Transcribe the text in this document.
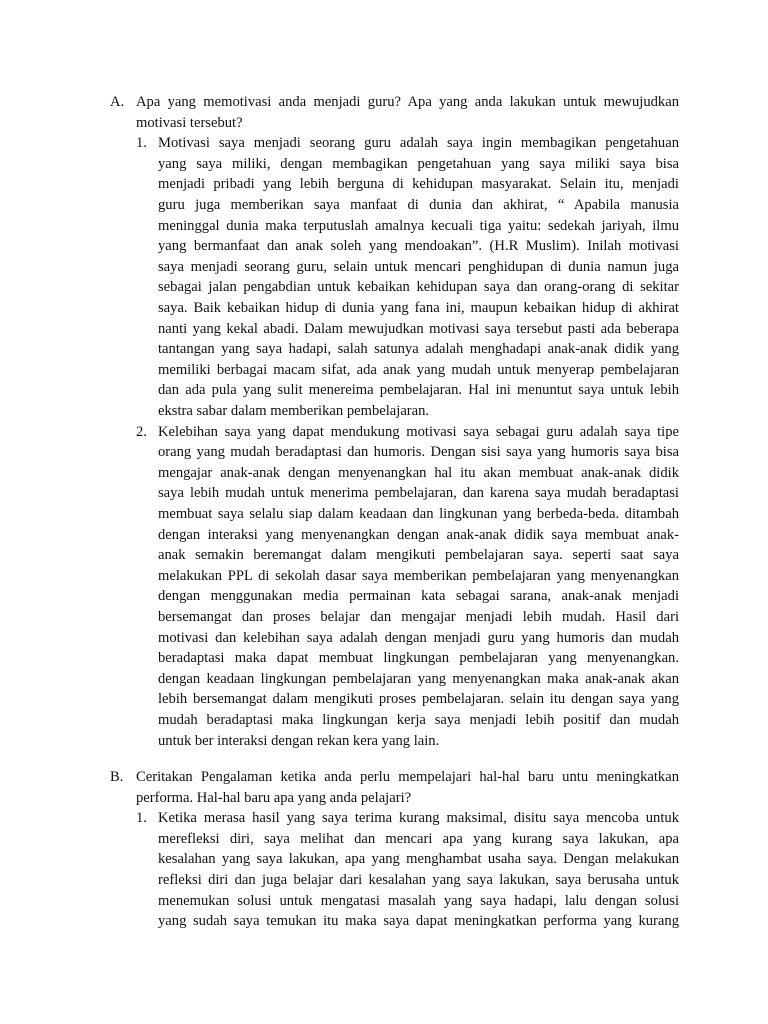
A. Apa yang memotivasi anda menjadi guru? Apa yang anda lakukan untuk mewujudkan
motivasi tersebut?
1. Motivasi saya menjadi seorang guru adalah saya ingin membagikan pengetahuan
yang saya miliki, dengan membagikan pengetahuan yang saya miliki saya bisa
menjadi pribadi yang lebih berguna di kehidupan masyarakat. Selain itu, menjadi
guru juga memberikan saya manfaat di dunia dan akhirat, “ Apabila manusia
meninggal dunia maka terputuslah amalnya kecuali tiga yaitu: sedekah jariyah, ilmu
yang bermanfaat dan anak soleh yang mendoakan”. (H.R Muslim). Inilah motivasi
saya menjadi seorang guru, selain untuk mencari penghidupan di dunia namun juga
sebagai jalan pengabdian untuk kebaikan kehidupan saya dan orang-orang di sekitar
saya. Baik kebaikan hidup di dunia yang fana ini, maupun kebaikan hidup di akhirat
nanti yang kekal abadi. Dalam mewujudkan motivasi saya tersebut pasti ada beberapa
tantangan yang saya hadapi, salah satunya adalah menghadapi anak-anak didik yang
memiliki berbagai macam sifat, ada anak yang mudah untuk menyerap pembelajaran
dan ada pula yang sulit menereima pembelajaran. Hal ini menuntut saya untuk lebih
ekstra sabar dalam memberikan pembelajaran.
2. Kelebihan saya yang dapat mendukung motivasi saya sebagai guru adalah saya tipe
orang yang mudah beradaptasi dan humoris. Dengan sisi saya yang humoris saya bisa
mengajar anak-anak dengan menyenangkan hal itu akan membuat anak-anak didik
saya lebih mudah untuk menerima pembelajaran, dan karena saya mudah beradaptasi
membuat saya selalu siap dalam keadaan dan lingkunan yang berbeda-beda. ditambah
dengan interaksi yang menyenangkan dengan anak-anak didik saya membuat anak-
anak semakin beremangat dalam mengikuti pembelajaran saya. seperti saat saya
melakukan PPL di sekolah dasar saya memberikan pembelajaran yang menyenangkan
dengan menggunakan media permainan kata sebagai sarana, anak-anak menjadi
bersemangat dan proses belajar dan mengajar menjadi lebih mudah. Hasil dari
motivasi dan kelebihan saya adalah dengan menjadi guru yang humoris dan mudah
beradaptasi maka dapat membuat lingkungan pembelajaran yang menyenangkan.
dengan keadaan lingkungan pembelajaran yang menyenangkan maka anak-anak akan
lebih bersemangat dalam mengikuti proses pembelajaran. selain itu dengan saya yang
mudah beradaptasi maka lingkungan kerja saya menjadi lebih positif dan mudah
untuk ber interaksi dengan rekan kera yang lain.
B. Ceritakan Pengalaman ketika anda perlu mempelajari hal-hal baru untu meningkatkan
performa. Hal-hal baru apa yang anda pelajari?
1. Ketika merasa hasil yang saya terima kurang maksimal, disitu saya mencoba untuk
merefleksi diri, saya melihat dan mencari apa yang kurang saya lakukan, apa
kesalahan yang saya lakukan, apa yang menghambat usaha saya. Dengan melakukan
refleksi diri dan juga belajar dari kesalahan yang saya lakukan, saya berusaha untuk
menemukan solusi untuk mengatasi masalah yang saya hadapi, lalu dengan solusi
yang sudah saya temukan itu maka saya dapat meningkatkan performa yang kurang
